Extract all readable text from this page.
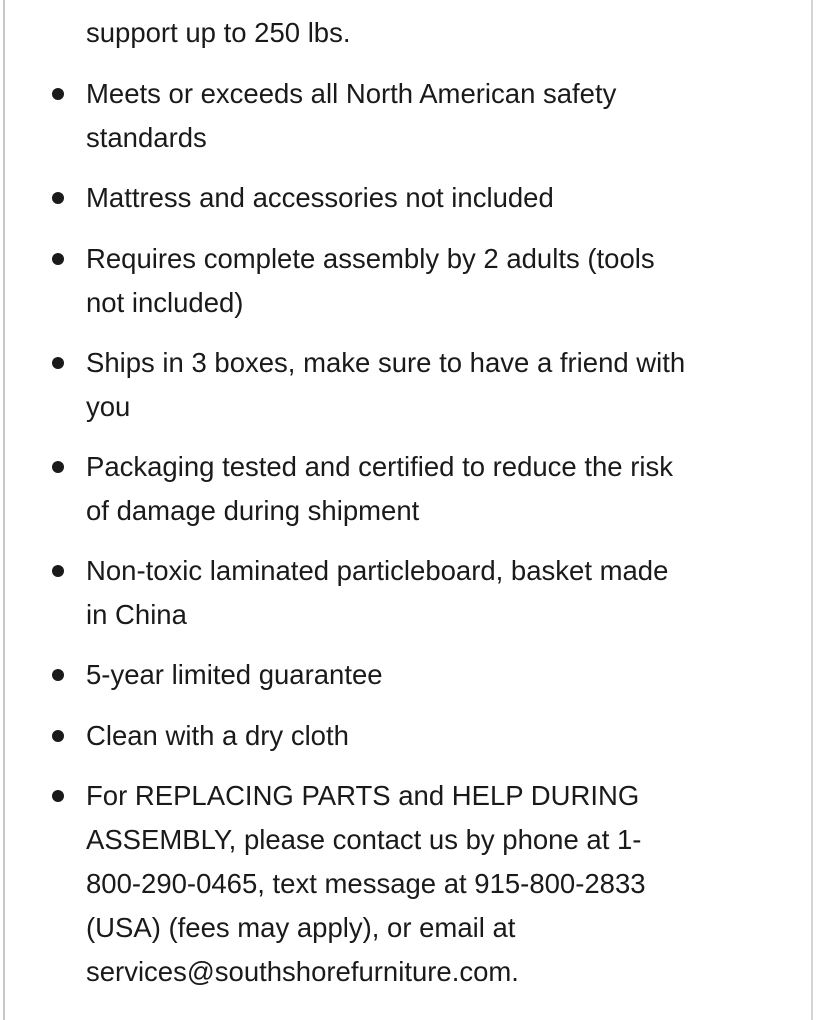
support up to 250 lbs.
Meets or exceeds all North American safety
standards
Mattress and accessories not included
Requires complete assembly by 2 adults (tools
not included)
Ships in 3 boxes, make sure to have a friend with
you
Packaging tested and certified to reduce the risk
of damage during shipment
Non-toxic laminated particleboard, basket made
in China
5-year limited guarantee
Clean with a dry cloth
For REPLACING PARTS and HELP DURING
ASSEMBLY, please contact us by phone at 1-
800-290-0465, text message at 915-800-2833
(USA) (fees may apply), or email at
services@southshorefurniture.com.
